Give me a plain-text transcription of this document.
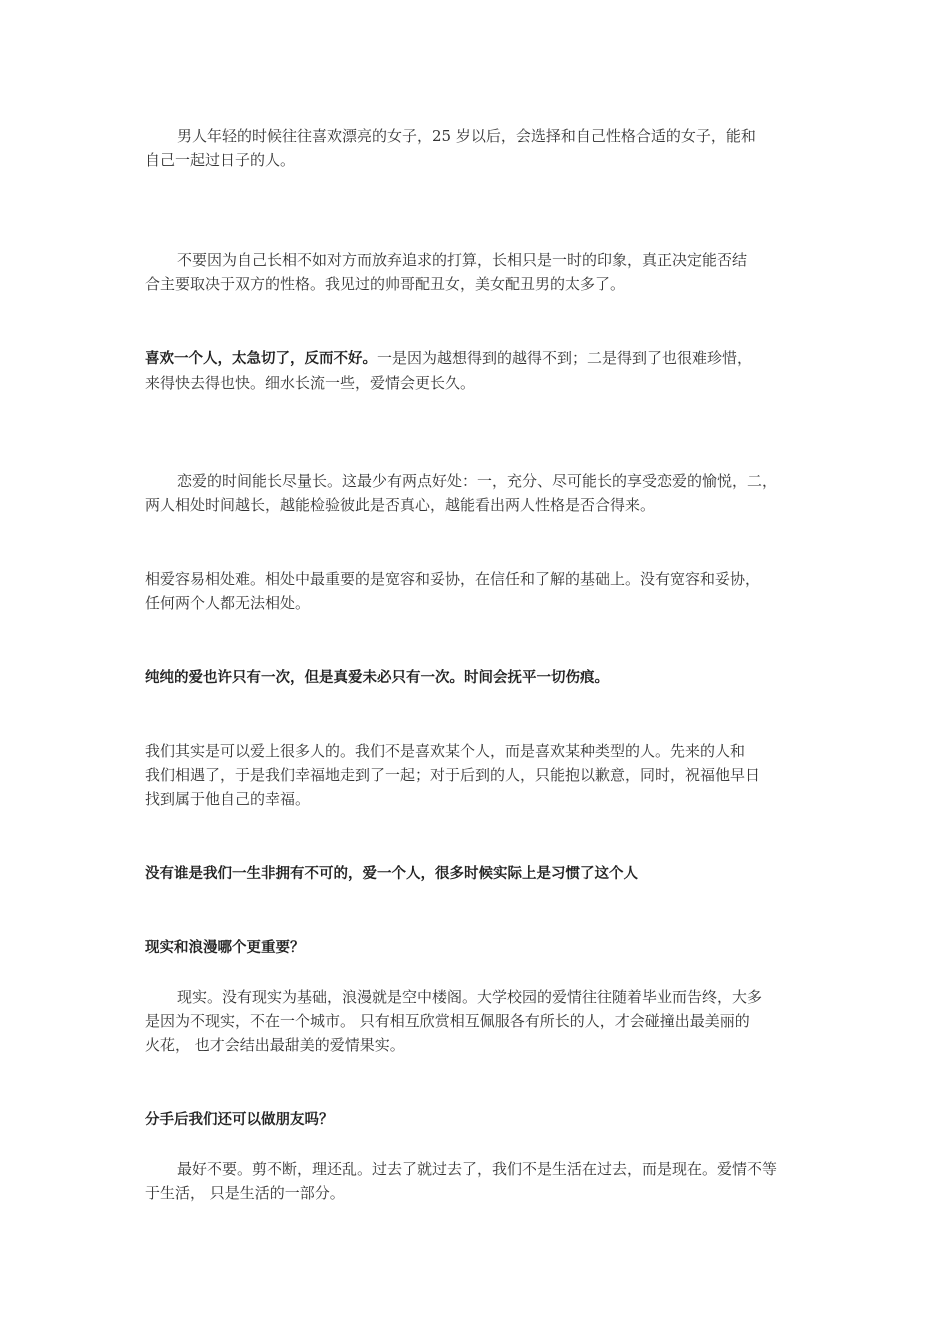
男人年轻的时候往往喜欢漂亮的女子，25 岁以后，会选择和自己性格合适的女子，能和
自己一起过日子的人。

不要因为自己长相不如对方而放弃追求的打算，长相只是一时的印象，真正决定能否结
合主要取决于双方的性格。我见过的帅哥配丑女，美女配丑男的太多了。

喜欢一个人，太急切了，反而不好。一是因为越想得到的越得不到；二是得到了也很难珍惜，
来得快去得也快。细水长流一些，爱情会更长久。

恋爱的时间能长尽量长。这最少有两点好处：一，充分、尽可能长的享受恋爱的愉悦，二，
两人相处时间越长，越能检验彼此是否真心，越能看出两人性格是否合得来。

相爱容易相处难。相处中最重要的是宽容和妥协，在信任和了解的基础上。没有宽容和妥协，
任何两个人都无法相处。

纯纯的爱也许只有一次，但是真爱未必只有一次。时间会抚平一切伤痕。

我们其实是可以爱上很多人的。我们不是喜欢某个人，而是喜欢某种类型的人。先来的人和
我们相遇了，于是我们幸福地走到了一起；对于后到的人，只能抱以歉意，同时，祝福他早日
找到属于他自己的幸福。

没有谁是我们一生非拥有不可的，爱一个人，很多时候实际上是习惯了这个人

现实和浪漫哪个更重要？

现实。没有现实为基础，浪漫就是空中楼阁。大学校园的爱情往往随着毕业而告终，大多
是因为不现实，不在一个城市。 只有相互欣赏相互佩服各有所长的人，才会碰撞出最美丽的
火花， 也才会结出最甜美的爱情果实。

分手后我们还可以做朋友吗？

最好不要。剪不断，理还乱。过去了就过去了，我们不是生活在过去，而是现在。爱情不等
于生活， 只是生活的一部分。
